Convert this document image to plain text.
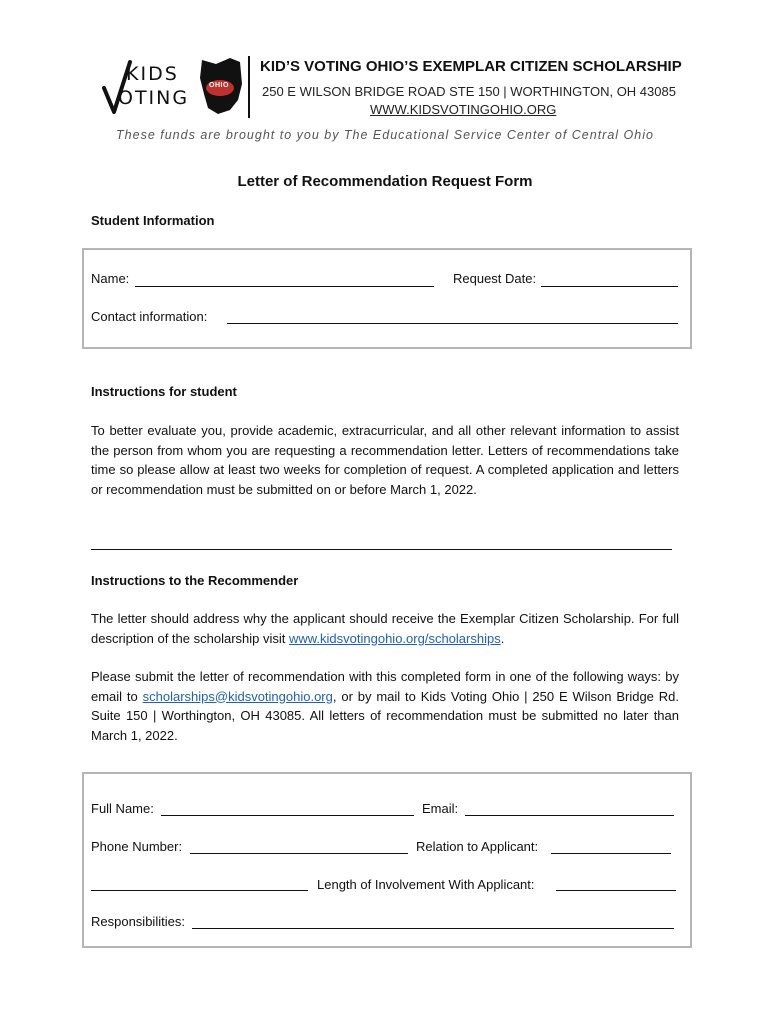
KIDS
OTING
OHIO
KID’S VOTING OHIO’S EXEMPLAR CITIZEN SCHOLARSHIP
250 E WILSON BRIDGE ROAD STE 150 | WORTHINGTON, OH 43085
WWW.KIDSVOTINGOHIO.ORG
These funds are brought to you by The Educational Service Center of Central Ohio
Letter of Recommendation Request Form
Student Information
Name:	Request Date:
Contact information:
Instructions for student
To better evaluate you, provide academic, extracurricular, and all other relevant information to assist the person from whom you are requesting a recommendation letter. Letters of recommendations take time so please allow at least two weeks for completion of request. A completed application and letters or recommendation must be submitted on or before March 1, 2022.
Instructions to the Recommender
The letter should address why the applicant should receive the Exemplar Citizen Scholarship. For full description of the scholarship visit www.kidsvotingohio.org/scholarships.
Please submit the letter of recommendation with this completed form in one of the following ways: by email to scholarships@kidsvotingohio.org, or by mail to Kids Voting Ohio | 250 E Wilson Bridge Rd. Suite 150 | Worthington, OH 43085. All letters of recommendation must be submitted no later than March 1, 2022.
Full Name:	Email:
Phone Number:	Relation to Applicant:
Length of Involvement With Applicant:
Responsibilities:
